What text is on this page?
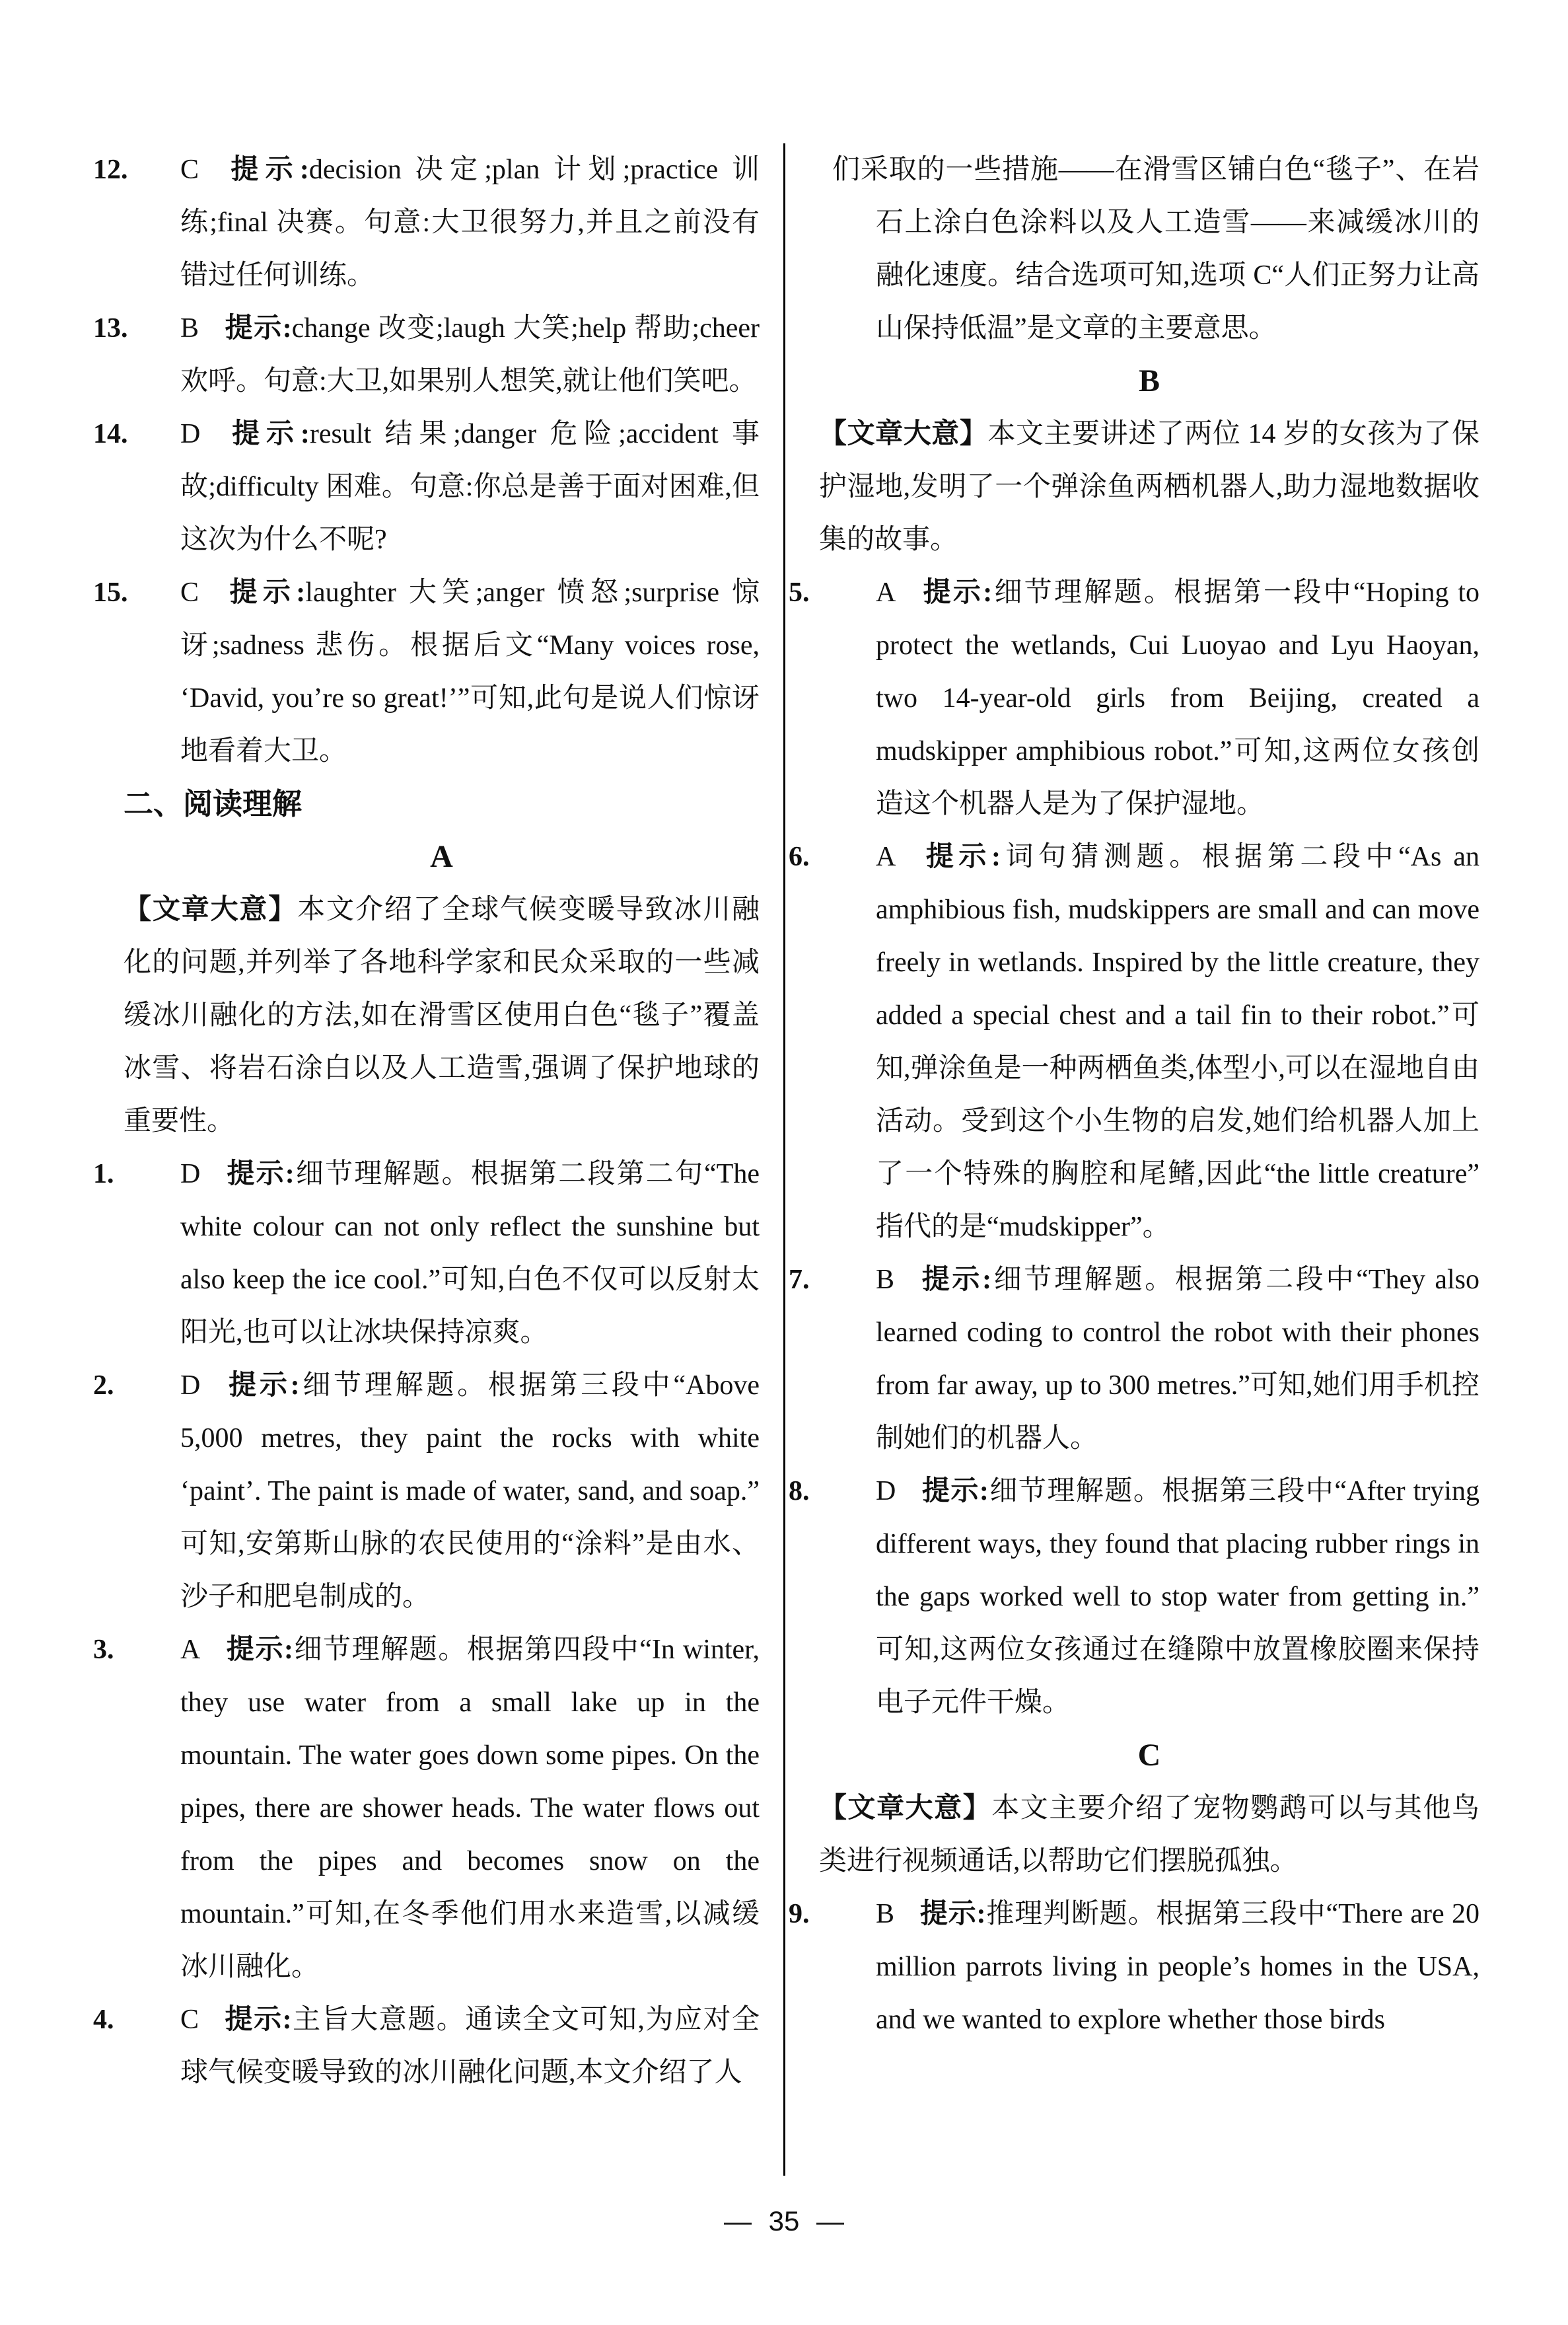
12. C 提示:decision 决定;plan 计划;practice 训练;final 决赛。句意:大卫很努力,并且之前没有错过任何训练。
13. B 提示:change 改变;laugh 大笑;help 帮助;cheer 欢呼。句意:大卫,如果别人想笑,就让他们笑吧。
14. D 提示:result 结果;danger 危险;accident 事故;difficulty 困难。句意:你总是善于面对困难,但这次为什么不呢?
15. C 提示:laughter 大笑;anger 愤怒;surprise 惊讶;sadness 悲伤。根据后文“Many voices rose, ‘David, you’re so great!’”可知,此句是说人们惊讶地看着大卫。
二、阅读理解
A
【文章大意】本文介绍了全球气候变暖导致冰川融化的问题,并列举了各地科学家和民众采取的一些减缓冰川融化的方法,如在滑雪区使用白色“毯子”覆盖冰雪、将岩石涂白以及人工造雪,强调了保护地球的重要性。
1. D 提示:细节理解题。根据第二段第二句“The white colour can not only reflect the sunshine but also keep the ice cool.”可知,白色不仅可以反射太阳光,也可以让冰块保持凉爽。
2. D 提示:细节理解题。根据第三段中“Above 5,000 metres, they paint the rocks with white ‘paint’. The paint is made of water, sand, and soap.”可知,安第斯山脉的农民使用的“涂料”是由水、沙子和肥皂制成的。
3. A 提示:细节理解题。根据第四段中“In winter, they use water from a small lake up in the mountain. The water goes down some pipes. On the pipes, there are shower heads. The water flows out from the pipes and becomes snow on the mountain.”可知,在冬季他们用水来造雪,以减缓冰川融化。
4. C 提示:主旨大意题。通读全文可知,为应对全球气候变暖导致的冰川融化问题,本文介绍了人
们采取的一些措施——在滑雪区铺白色“毯子”、在岩石上涂白色涂料以及人工造雪——来减缓冰川的融化速度。结合选项可知,选项 C“人们正努力让高山保持低温”是文章的主要意思。
B
【文章大意】本文主要讲述了两位 14 岁的女孩为了保护湿地,发明了一个弹涂鱼两栖机器人,助力湿地数据收集的故事。
5. A 提示:细节理解题。根据第一段中“Hoping to protect the wetlands, Cui Luoyao and Lyu Haoyan, two 14-year-old girls from Beijing, created a mudskipper amphibious robot.”可知,这两位女孩创造这个机器人是为了保护湿地。
6. A 提示:词句猜测题。根据第二段中“As an amphibious fish, mudskippers are small and can move freely in wetlands. Inspired by the little creature, they added a special chest and a tail fin to their robot.”可知,弹涂鱼是一种两栖鱼类,体型小,可以在湿地自由活动。受到这个小生物的启发,她们给机器人加上了一个特殊的胸腔和尾鳍,因此“the little creature”指代的是“mudskipper”。
7. B 提示:细节理解题。根据第二段中“They also learned coding to control the robot with their phones from far away, up to 300 metres.”可知,她们用手机控制她们的机器人。
8. D 提示:细节理解题。根据第三段中“After trying different ways, they found that placing rubber rings in the gaps worked well to stop water from getting in.”可知,这两位女孩通过在缝隙中放置橡胶圈来保持电子元件干燥。
C
【文章大意】本文主要介绍了宠物鹦鹉可以与其他鸟类进行视频通话,以帮助它们摆脱孤独。
9. B 提示:推理判断题。根据第三段中“There are 20 million parrots living in people’s homes in the USA, and we wanted to explore whether those birds
— 35 —
